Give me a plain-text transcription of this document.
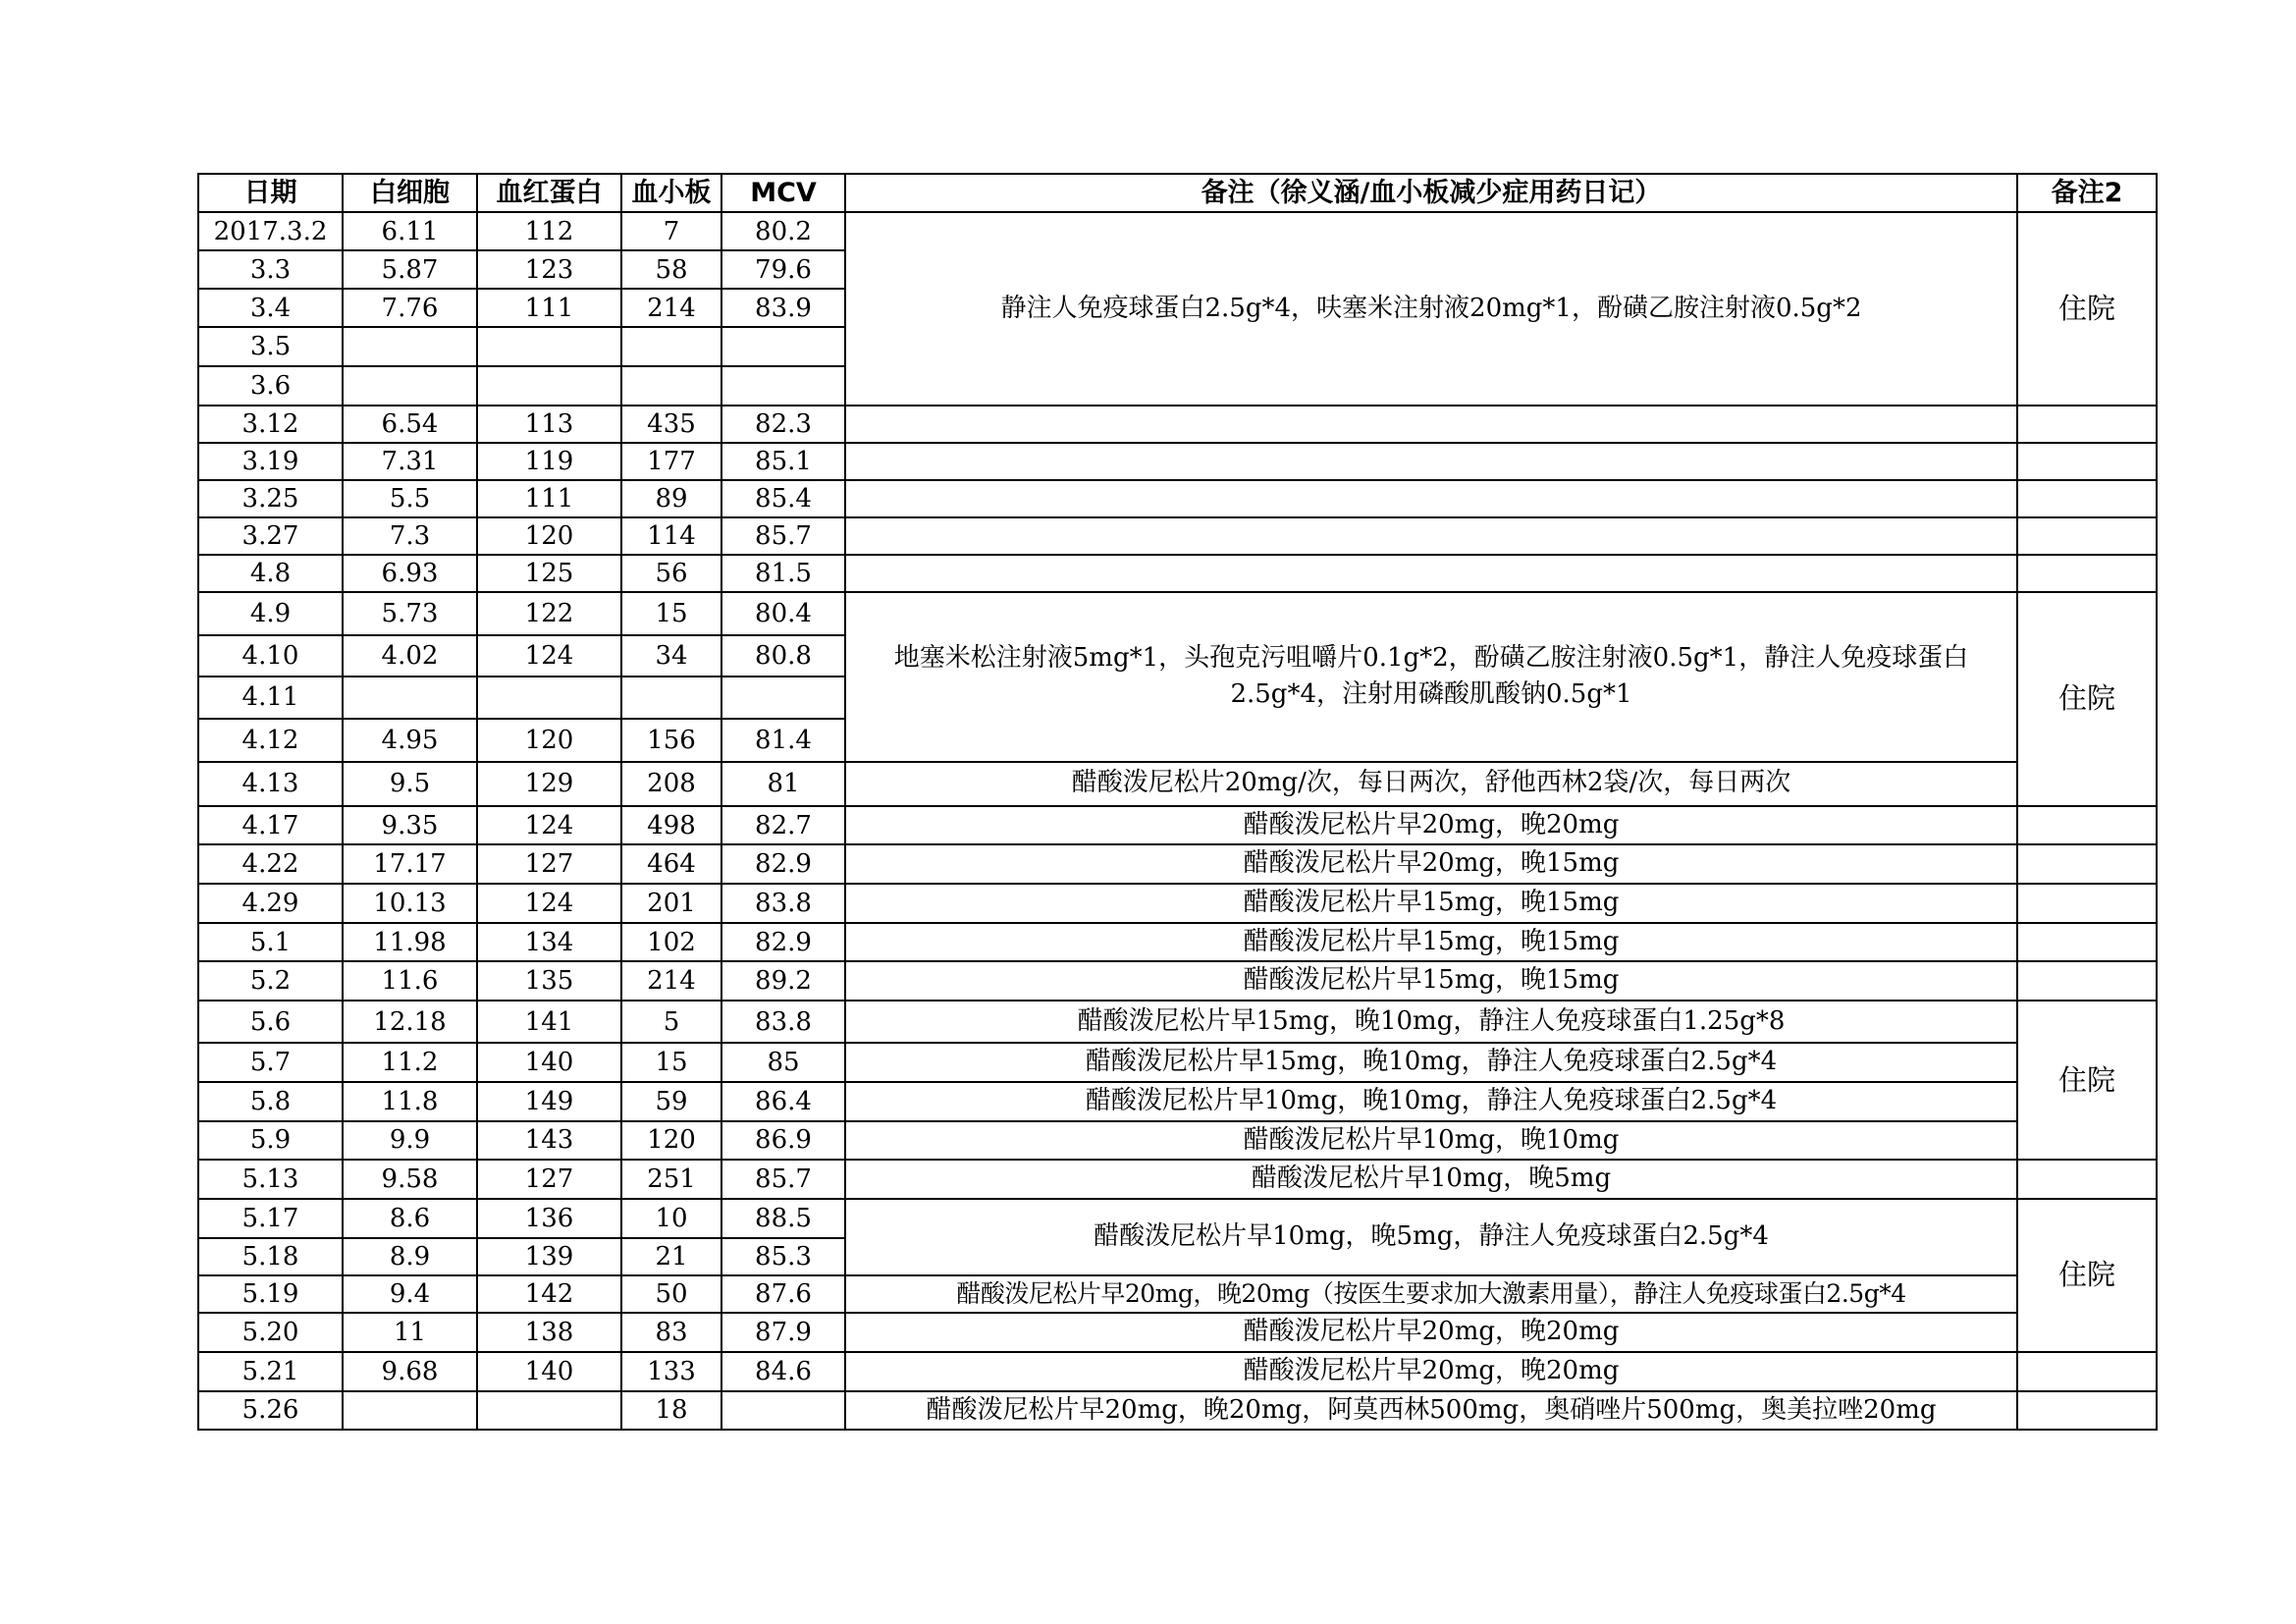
日期	白细胞	血红蛋白	血小板	MCV	备注（徐义涵/血小板减少症用药日记）	备注2	
2017.3.2	6.11	112	7	80.2	静注人免疫球蛋白2.5g*4，呋塞米注射液20mg*1，酚磺乙胺注射液0.5g*2	住院	
3.3	5.87	123	58	79.6			
3.4	7.76	111	214	83.9			
3.5							
3.6					
3.12	6.54	113	435	82.3			
3.19	7.31	119	177	85.1			
3.25	5.5	111	89	85.4			
3.27	7.3	120	114	85.7			
4.8	6.93	125	56	81.5			
4.9	5.73	122	15	80.4	地塞米松注射液5mg*1，头孢克污咀嚼片0.1g*2，酚磺乙胺注射液0.5g*1，静注人免疫球蛋白2.5g*4，注射用磷酸肌酸钠0.5g*1	住院	
4.10	4.02	124	34	80.8			
4.11							
4.12	4.95	120	156	81.4			
4.13	9.5	129	208	81	醋酸泼尼松片20mg/次，每日两次，舒他西林2袋/次，每日两次		
4.17	9.35	124	498	82.7	醋酸泼尼松片早20mg，晚20mg		
4.22	17.17	127	464	82.9	醋酸泼尼松片早20mg，晚15mg		
4.29	10.13	124	201	83.8	醋酸泼尼松片早15mg，晚15mg		
5.1	11.98	134	102	82.9	醋酸泼尼松片早15mg，晚15mg		
5.2	11.6	135	214	89.2	醋酸泼尼松片早15mg，晚15mg		
5.6	12.18	141	5	83.8	醋酸泼尼松片早15mg，晚10mg，静注人免疫球蛋白1.25g*8	住院	
5.7	11.2	140	15	85	醋酸泼尼松片早15mg，晚10mg，静注人免疫球蛋白2.5g*4		
5.8	11.8	149	59	86.4	醋酸泼尼松片早10mg，晚10mg，静注人免疫球蛋白2.5g*4		
5.9	9.9	143	120	86.9	醋酸泼尼松片早10mg，晚10mg		
5.13	9.58	127	251	85.7	醋酸泼尼松片早10mg，晚5mg		
5.17	8.6	136	10	88.5	醋酸泼尼松片早10mg，晚5mg，静注人免疫球蛋白2.5g*4	住院	
5.18	8.9	139	21	85.3			
5.19	9.4	142	50	87.6	醋酸泼尼松片早20mg，晚20mg（按医生要求加大激素用量），静注人免疫球蛋白2.5g*4		
5.20	11	138	83	87.9	醋酸泼尼松片早20mg，晚20mg		
5.21	9.68	140	133	84.6	醋酸泼尼松片早20mg，晚20mg		
5.26			18		醋酸泼尼松片早20mg，晚20mg，阿莫西林500mg，奥硝唑片500mg，奥美拉唑20mg		
